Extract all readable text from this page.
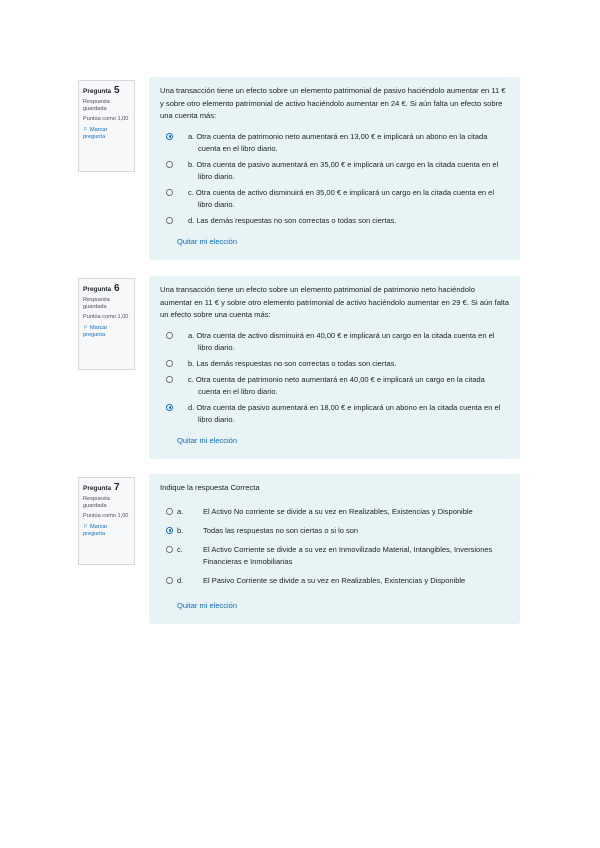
Pregunta 5
Respuesta guardada
Puntúa como 1,00
⚐ Marcar pregunta

Una transacción tiene un efecto sobre un elemento patrimonial de pasivo haciéndolo aumentar en 11 € y sobre otro elemento patrimonial de activo haciéndolo aumentar en 24 €. Si aún falta un efecto sobre una cuenta más:

a. Otra cuenta de patrimonio neto aumentará en 13,00 € e implicará un abono en la citada cuenta en el libro diario.
b. Otra cuenta de pasivo aumentará en 35,00 € e implicará un cargo en la citada cuenta en el libro diario.
c. Otra cuenta de activo disminuirá en 35,00 € e implicará un cargo en la citada cuenta en el libro diario.
d. Las demás respuestas no son correctas o todas son ciertas.
Quitar mi elección
Pregunta 6
Respuesta guardada
Puntúa como 1,00
⚐ Marcar pregunta

Una transacción tiene un efecto sobre un elemento patrimonial de patrimonio neto haciéndolo aumentar en 11 € y sobre otro elemento patrimonial de activo haciéndolo aumentar en 29 €. Si aún falta un efecto sobre una cuenta más:

a. Otra cuenta de activo disminuirá en 40,00 € e implicará un cargo en la citada cuenta en el libro diario.
b. Las demás respuestas no son correctas o todas son ciertas.
c. Otra cuenta de patrimonio neto aumentará en 40,00 € e implicará un cargo en la citada cuenta en el libro diario.
d. Otra cuenta de pasivo aumentará en 18,00 € e implicará un abono en la citada cuenta en el libro diario.
Quitar mi elección
Pregunta 7
Respuesta guardada
Puntúa como 1,00
⚐ Marcar pregunta

Indique la respuesta Correcta

a.	El Activo No corriente se divide a su vez en Realizables, Existencias y Disponible
b.	Todas las respuestas no son ciertas o si lo son
c.	El Activo Corriente se divide a su vez en Inmovilizado Material, Intangibles, Inversiones Financieras e Inmobiliarias
d.	El Pasivo Corriente se divide a su vez en Realizables, Existencias y Disponible
Quitar mi elección
